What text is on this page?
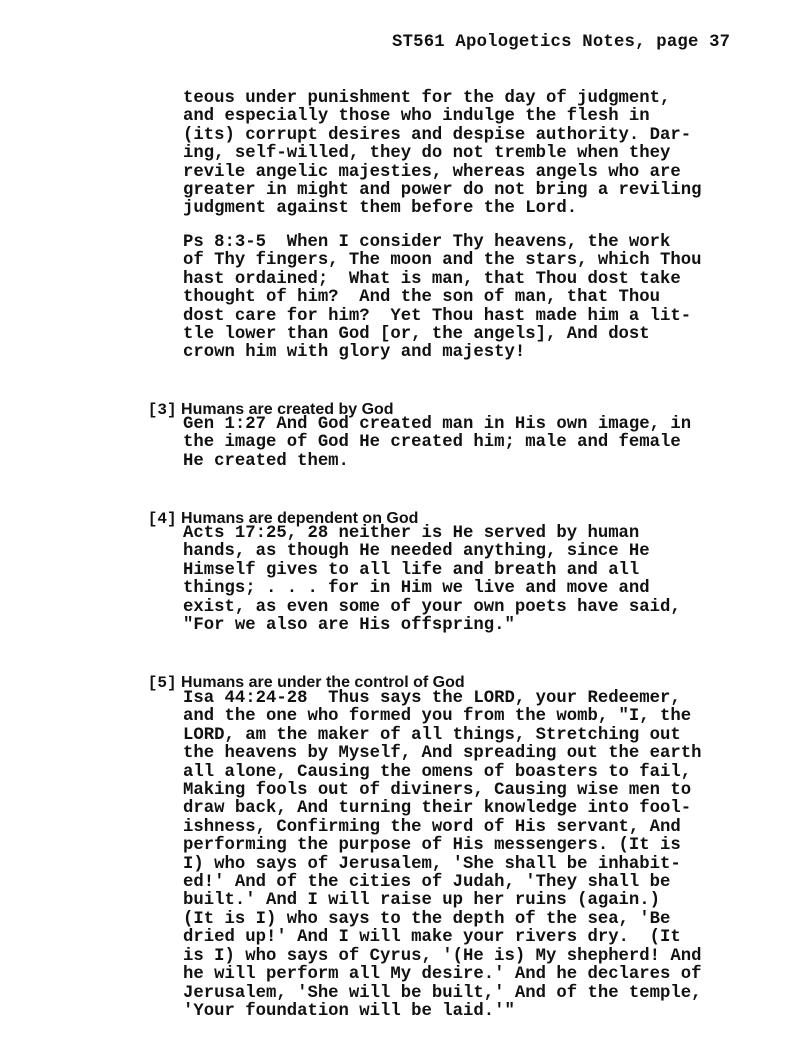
ST561 Apologetics Notes, page 37

teous under punishment for the day of judgment,
and especially those who indulge the flesh in
(its) corrupt desires and despise authority. Dar-
ing, self-willed, they do not tremble when they
revile angelic majesties, whereas angels who are
greater in might and power do not bring a reviling
judgment against them before the Lord.

Ps 8:3-5  When I consider Thy heavens, the work
of Thy fingers, The moon and the stars, which Thou
hast ordained;  What is man, that Thou dost take
thought of him?  And the son of man, that Thou
dost care for him?  Yet Thou hast made him a lit-
tle lower than God [or, the angels], And dost
crown him with glory and majesty!

[3] Humans are created by God

Gen 1:27 And God created man in His own image, in
the image of God He created him; male and female
He created them.

[4] Humans are dependent on God

Acts 17:25, 28 neither is He served by human
hands, as though He needed anything, since He
Himself gives to all life and breath and all
things; . . . for in Him we live and move and
exist, as even some of your own poets have said,
"For we also are His offspring."

[5] Humans are under the control of God

Isa 44:24-28  Thus says the LORD, your Redeemer,
and the one who formed you from the womb, "I, the
LORD, am the maker of all things, Stretching out
the heavens by Myself, And spreading out the earth
all alone, Causing the omens of boasters to fail,
Making fools out of diviners, Causing wise men to
draw back, And turning their knowledge into fool-
ishness, Confirming the word of His servant, And
performing the purpose of His messengers. (It is
I) who says of Jerusalem, 'She shall be inhabit-
ed!' And of the cities of Judah, 'They shall be
built.' And I will raise up her ruins (again.)
(It is I) who says to the depth of the sea, 'Be
dried up!' And I will make your rivers dry.  (It
is I) who says of Cyrus, '(He is) My shepherd! And
he will perform all My desire.' And he declares of
Jerusalem, 'She will be built,' And of the temple,
'Your foundation will be laid.'"
